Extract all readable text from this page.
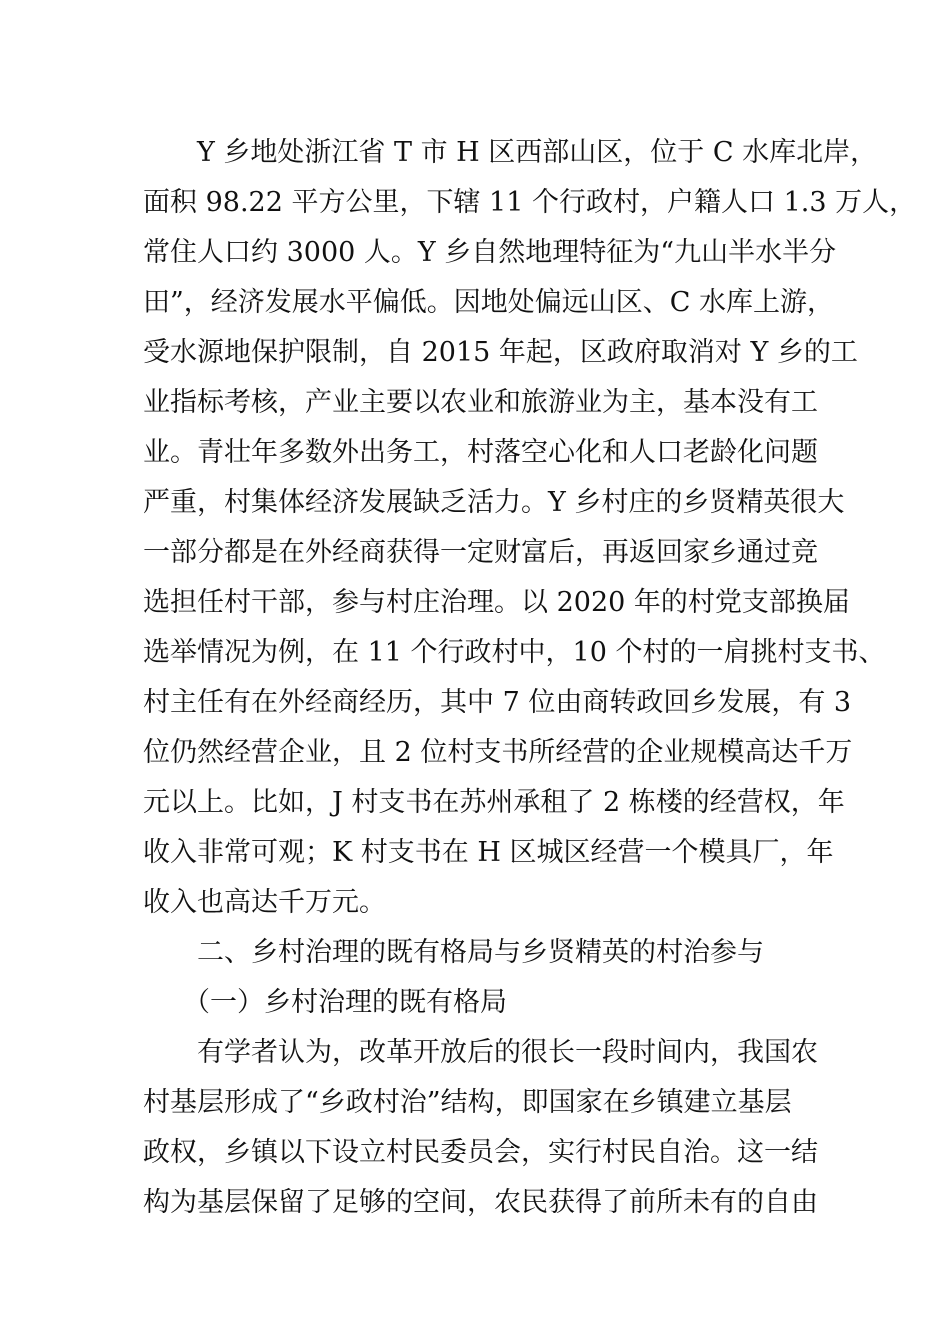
Y 乡地处浙江省 T 市 H 区西部山区，位于 C 水库北岸，
面积 98.22 平方公里，下辖 11 个行政村，户籍人口 1.3 万人，
常住人口约 3000 人。Y 乡自然地理特征为“九山半水半分
田”，经济发展水平偏低。因地处偏远山区、C 水库上游，
受水源地保护限制，自 2015 年起，区政府取消对 Y 乡的工
业指标考核，产业主要以农业和旅游业为主，基本没有工
业。青壮年多数外出务工，村落空心化和人口老龄化问题
严重，村集体经济发展缺乏活力。Y 乡村庄的乡贤精英很大
一部分都是在外经商获得一定财富后，再返回家乡通过竞
选担任村干部，参与村庄治理。以 2020 年的村党支部换届
选举情况为例，在 11 个行政村中，10 个村的一肩挑村支书、
村主任有在外经商经历，其中 7 位由商转政回乡发展，有 3
位仍然经营企业，且 2 位村支书所经营的企业规模高达千万
元以上。比如，J 村支书在苏州承租了 2 栋楼的经营权，年
收入非常可观；K 村支书在 H 区城区经营一个模具厂，年
收入也高达千万元。
二、乡村治理的既有格局与乡贤精英的村治参与
（一）乡村治理的既有格局
有学者认为，改革开放后的很长一段时间内，我国农
村基层形成了“乡政村治”结构，即国家在乡镇建立基层
政权，乡镇以下设立村民委员会，实行村民自治。这一结
构为基层保留了足够的空间，农民获得了前所未有的自由
